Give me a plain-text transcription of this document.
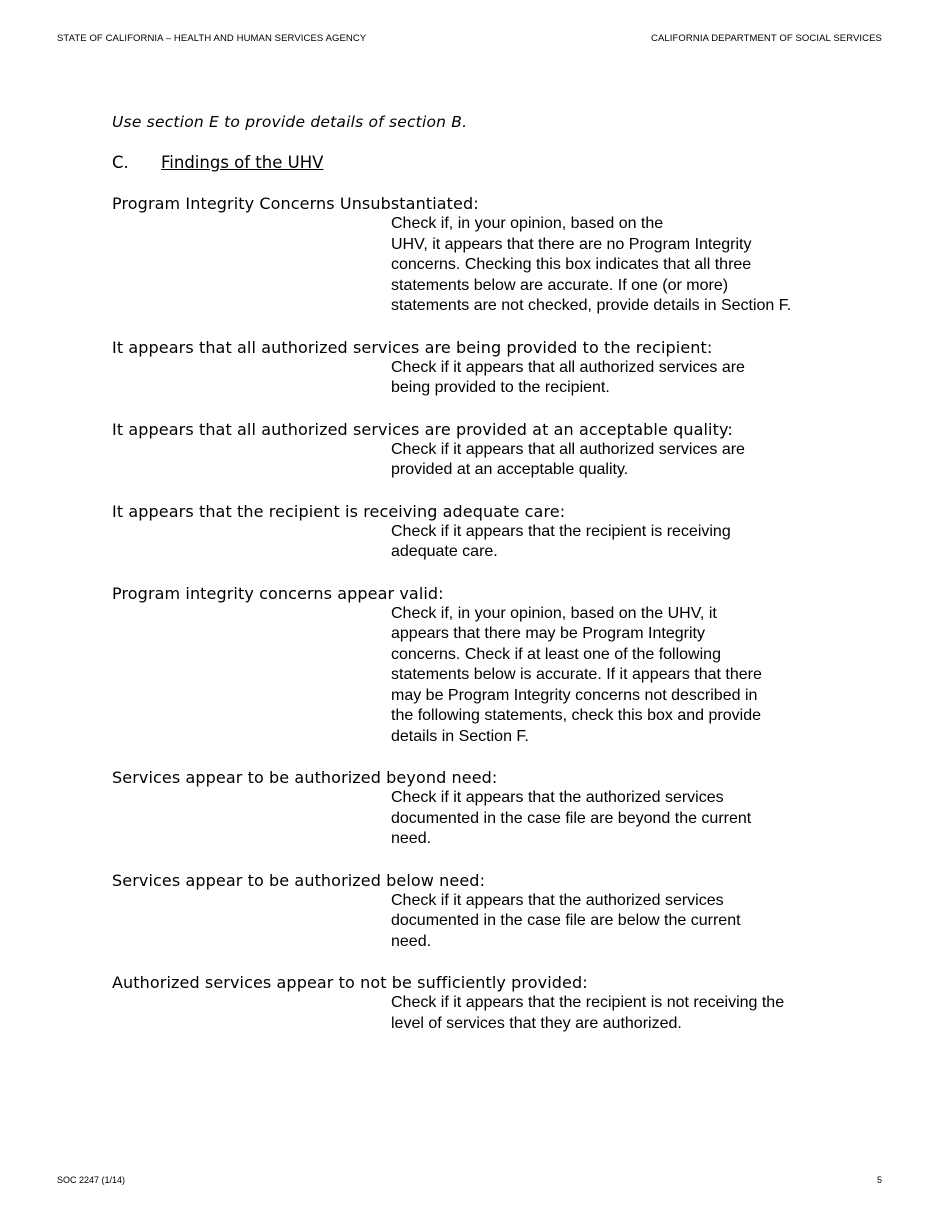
STATE OF CALIFORNIA – HEALTH AND HUMAN SERVICES AGENCY	CALIFORNIA DEPARTMENT OF SOCIAL SERVICES

Use section E to provide details of section B.

C. Findings of the UHV
Program Integrity Concerns Unsubstantiated:
Check if, in your opinion, based on the
UHV, it appears that there are no Program Integrity
concerns. Checking this box indicates that all three
statements below are accurate. If one (or more)
statements are not checked, provide details in Section F.
It appears that all authorized services are being provided to the recipient:
Check if it appears that all authorized services are
being provided to the recipient.
It appears that all authorized services are provided at an acceptable quality:
Check if it appears that all authorized services are
provided at an acceptable quality.
It appears that the recipient is receiving adequate care:
Check if it appears that the recipient is receiving
adequate care.
Program integrity concerns appear valid:
Check if, in your opinion, based on the UHV, it
appears that there may be Program Integrity
concerns. Check if at least one of the following
statements below is accurate. If it appears that there
may be Program Integrity concerns not described in
the following statements, check this box and provide
details in Section F.
Services appear to be authorized beyond need:
Check if it appears that the authorized services
documented in the case file are beyond the current
need.
Services appear to be authorized below need:
Check if it appears that the authorized services
documented in the case file are below the current
need.
Authorized services appear to not be sufficiently provided:
Check if it appears that the recipient is not receiving the
level of services that they are authorized.
SOC 2247 (1/14)	5
